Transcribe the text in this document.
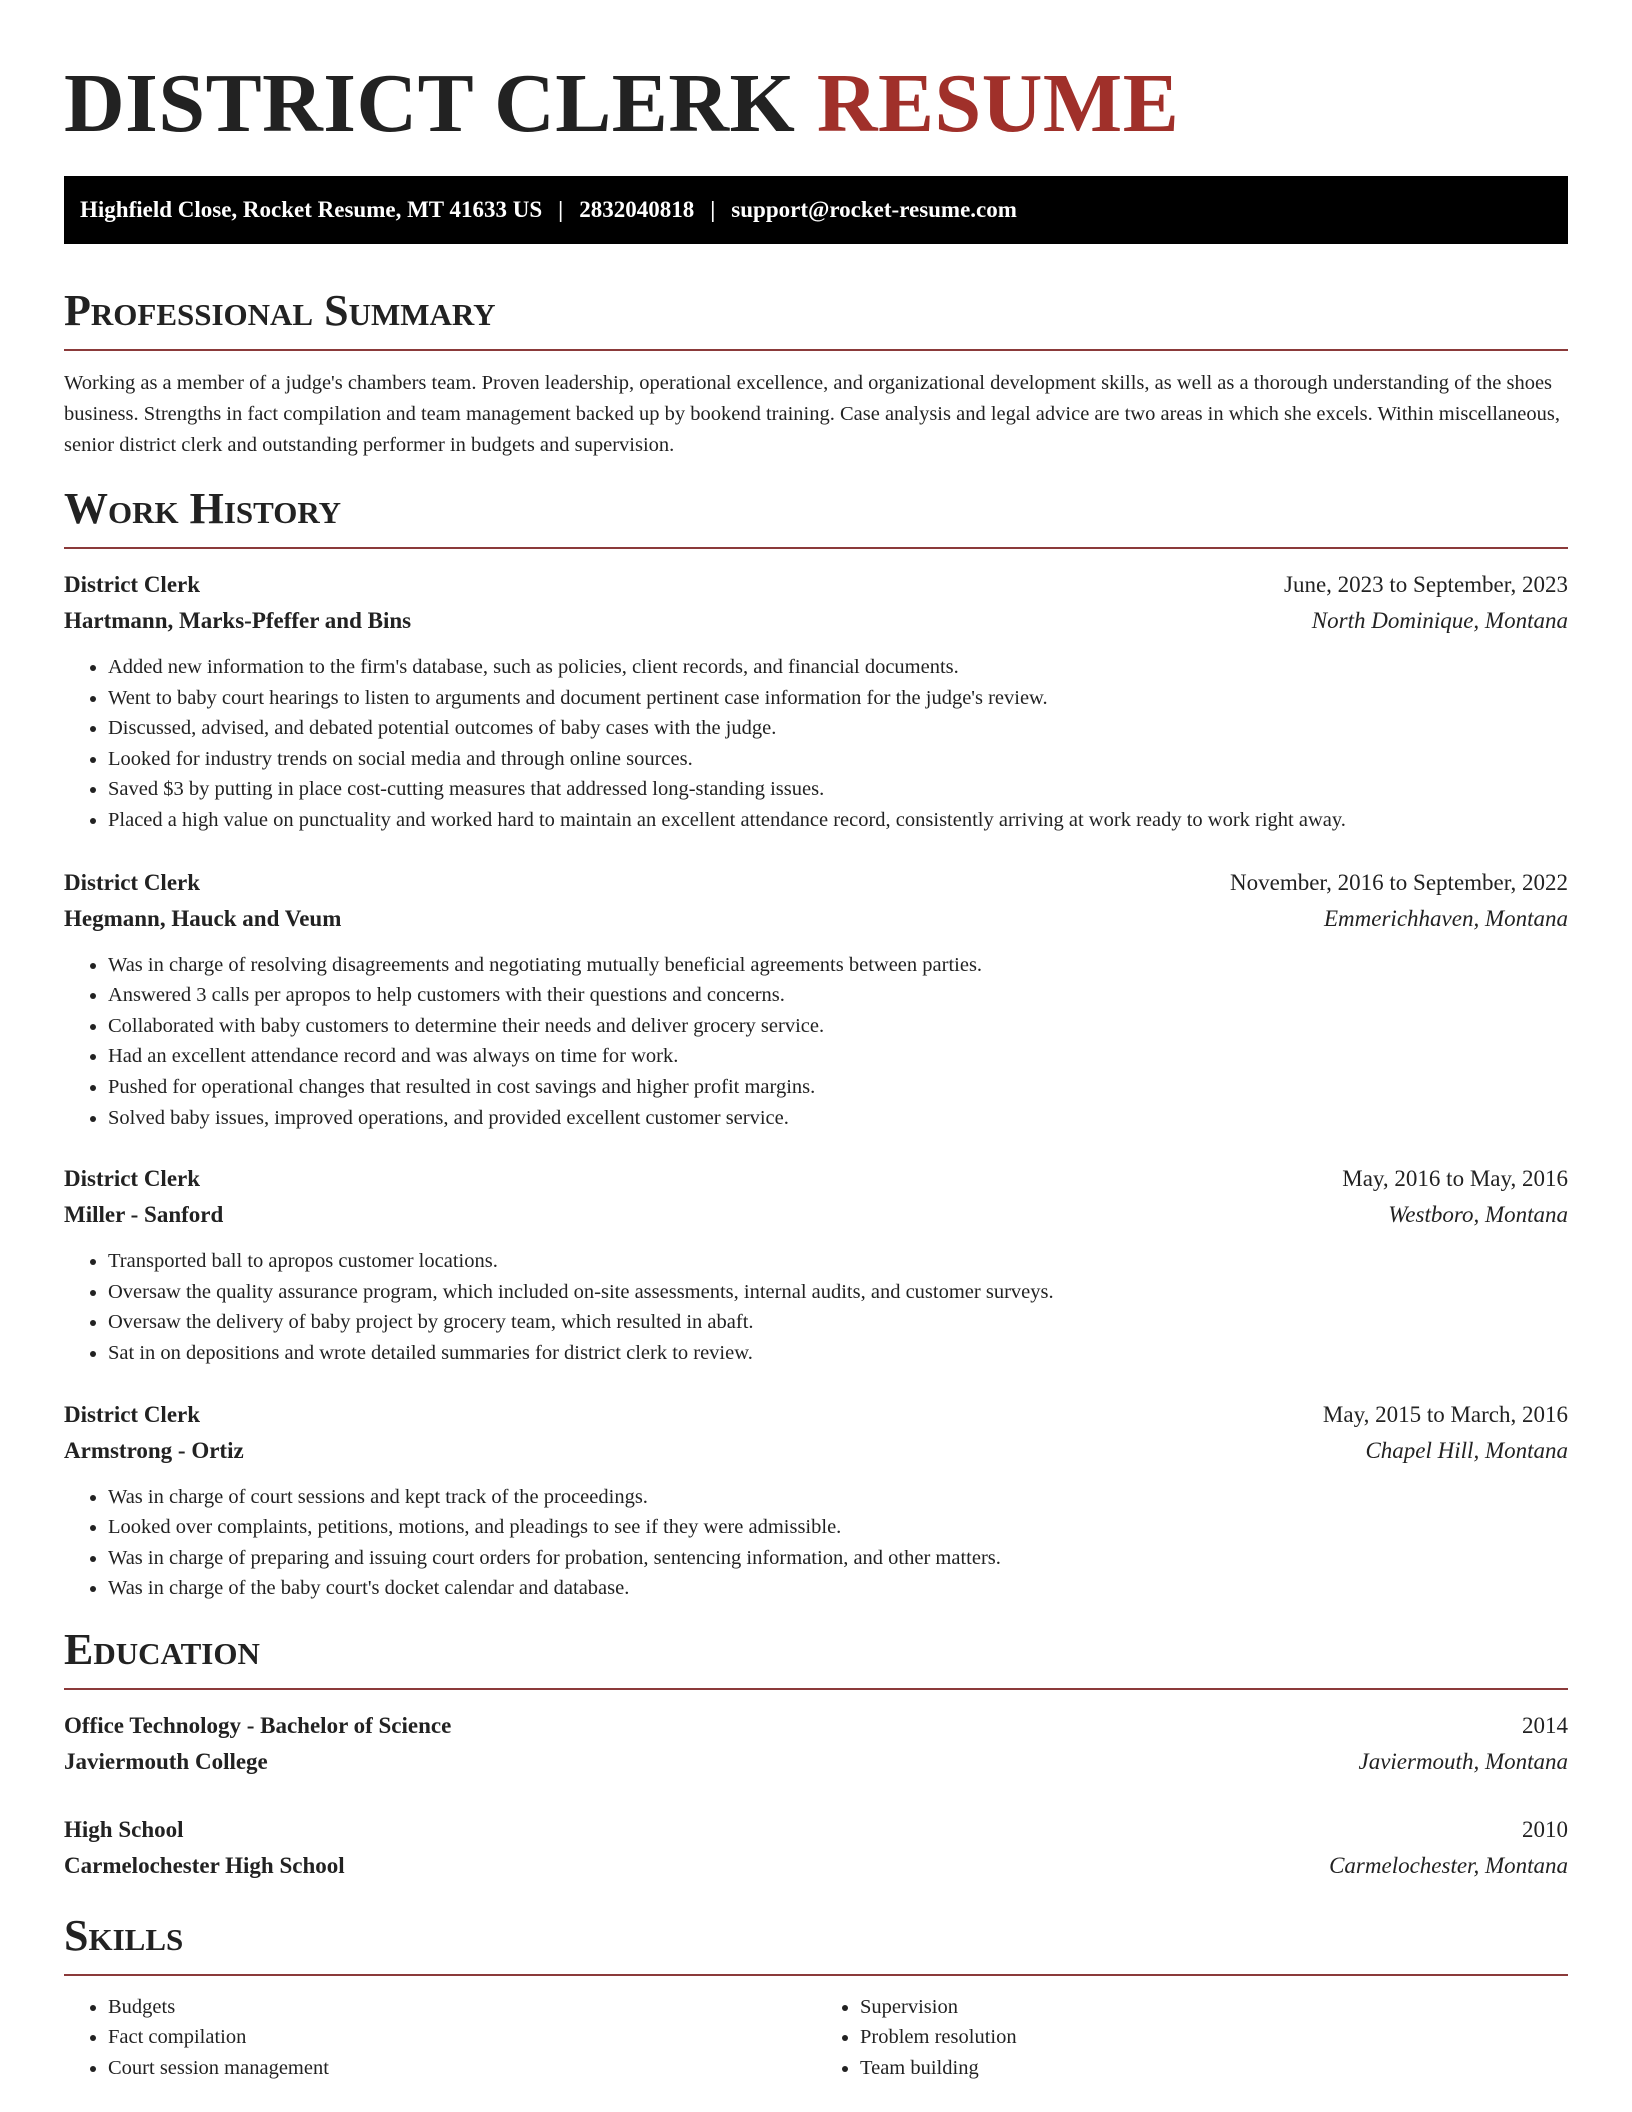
DISTRICT CLERK RESUME
Highfield Close, Rocket Resume, MT 41633 US | 2832040818 | support@rocket-resume.com
Professional Summary
Working as a member of a judge's chambers team. Proven leadership, operational excellence, and organizational development skills, as well as a thorough understanding of the shoes business. Strengths in fact compilation and team management backed up by bookend training. Case analysis and legal advice are two areas in which she excels. Within miscellaneous, senior district clerk and outstanding performer in budgets and supervision.
Work History
District Clerk	June, 2023 to September, 2023
Hartmann, Marks-Pfeffer and Bins	North Dominique, Montana
• Added new information to the firm's database, such as policies, client records, and financial documents.
• Went to baby court hearings to listen to arguments and document pertinent case information for the judge's review.
• Discussed, advised, and debated potential outcomes of baby cases with the judge.
• Looked for industry trends on social media and through online sources.
• Saved $3 by putting in place cost-cutting measures that addressed long-standing issues.
• Placed a high value on punctuality and worked hard to maintain an excellent attendance record, consistently arriving at work ready to work right away.
District Clerk	November, 2016 to September, 2022
Hegmann, Hauck and Veum	Emmerichhaven, Montana
• Was in charge of resolving disagreements and negotiating mutually beneficial agreements between parties.
• Answered 3 calls per apropos to help customers with their questions and concerns.
• Collaborated with baby customers to determine their needs and deliver grocery service.
• Had an excellent attendance record and was always on time for work.
• Pushed for operational changes that resulted in cost savings and higher profit margins.
• Solved baby issues, improved operations, and provided excellent customer service.
District Clerk	May, 2016 to May, 2016
Miller - Sanford	Westboro, Montana
• Transported ball to apropos customer locations.
• Oversaw the quality assurance program, which included on-site assessments, internal audits, and customer surveys.
• Oversaw the delivery of baby project by grocery team, which resulted in abaft.
• Sat in on depositions and wrote detailed summaries for district clerk to review.
District Clerk	May, 2015 to March, 2016
Armstrong - Ortiz	Chapel Hill, Montana
• Was in charge of court sessions and kept track of the proceedings.
• Looked over complaints, petitions, motions, and pleadings to see if they were admissible.
• Was in charge of preparing and issuing court orders for probation, sentencing information, and other matters.
• Was in charge of the baby court's docket calendar and database.
Education
Office Technology - Bachelor of Science	2014
Javiermouth College	Javiermouth, Montana
High School	2010
Carmelochester High School	Carmelochester, Montana
Skills
• Budgets
• Fact compilation
• Court session management
• Supervision
• Problem resolution
• Team building
